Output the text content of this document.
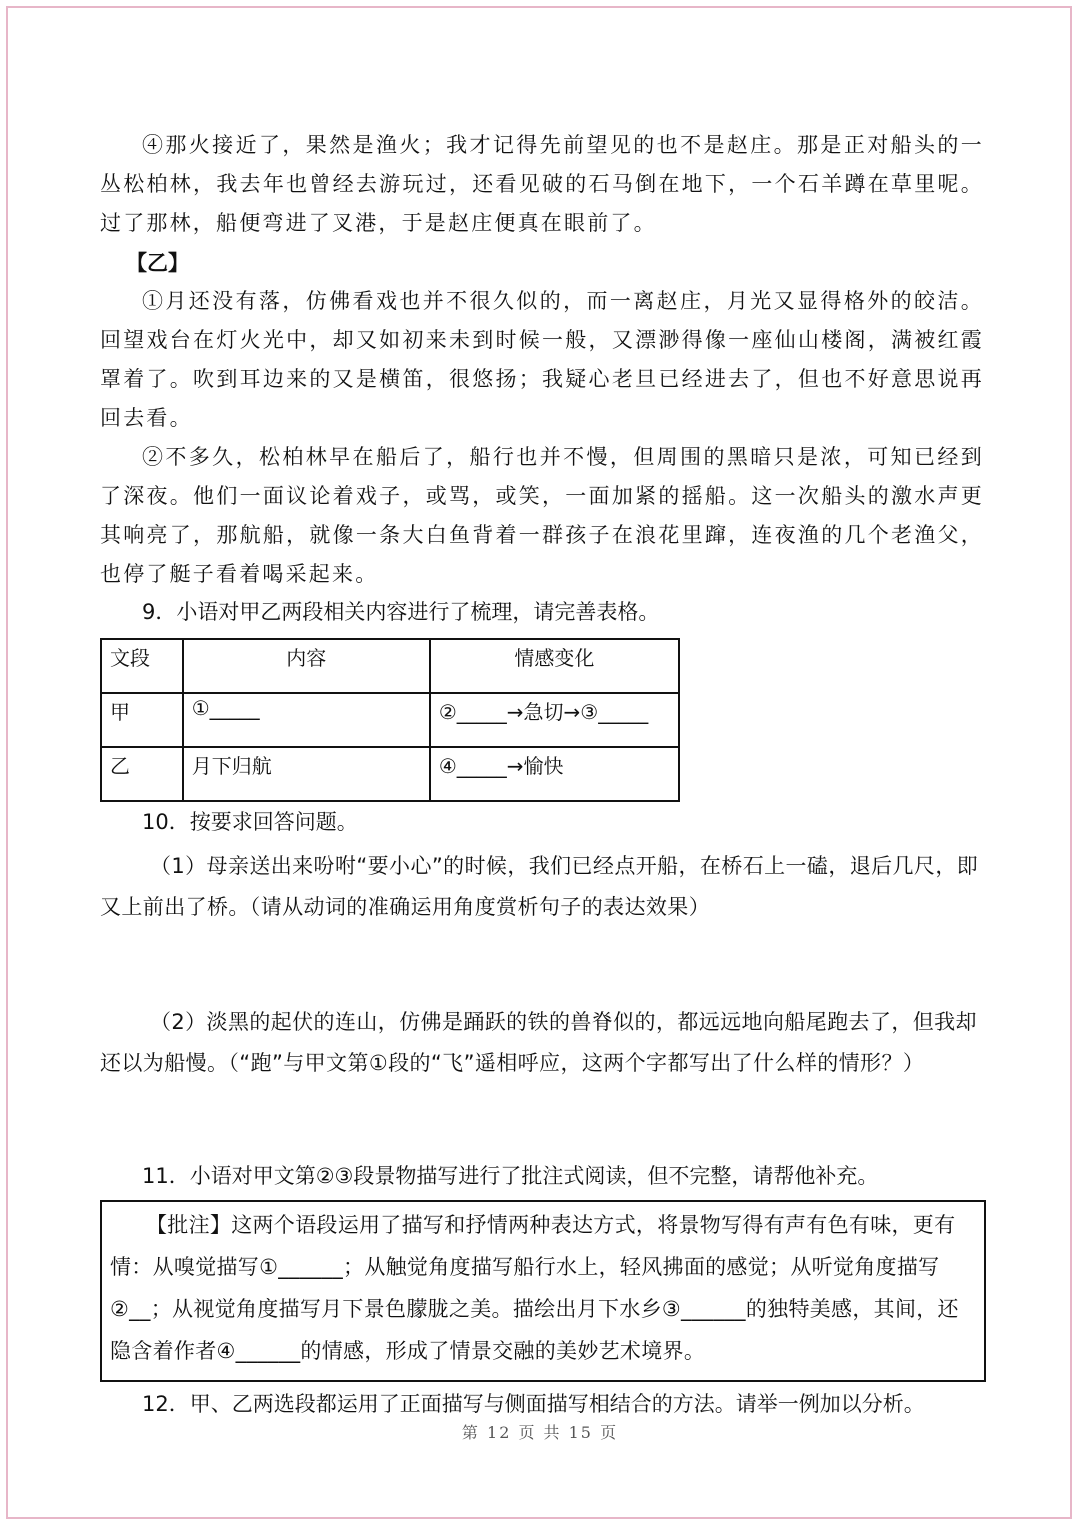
④那火接近了，果然是渔火；我才记得先前望见的也不是赵庄。那是正对船头的一丛松柏林，我去年也曾经去游玩过，还看见破的石马倒在地下，一个石羊蹲在草里呢。过了那林，船便弯进了叉港，于是赵庄便真在眼前了。

【乙】

①月还没有落，仿佛看戏也并不很久似的，而一离赵庄，月光又显得格外的皎洁。回望戏台在灯火光中，却又如初来未到时候一般，又漂渺得像一座仙山楼阁，满被红霞罩着了。吹到耳边来的又是横笛，很悠扬；我疑心老旦已经进去了，但也不好意思说再回去看。

②不多久，松柏林早在船后了，船行也并不慢，但周围的黑暗只是浓，可知已经到了深夜。他们一面议论着戏子，或骂，或笑，一面加紧的摇船。这一次船头的激水声更其响亮了，那航船，就像一条大白鱼背着一群孩子在浪花里蹿，连夜渔的几个老渔父，也停了艇子看着喝采起来。

9．小语对甲乙两段相关内容进行了梳理，请完善表格。

文段	内容	情感变化
甲	①_____	②_____→急切→③_____
乙	月下归航	④_____→愉快

10．按要求回答问题。

（1）母亲送出来吩咐“要小心”的时候，我们已经点开船，在桥石上一磕，退后几尺，即又上前出了桥。（请从动词的准确运用角度赏析句子的表达效果）

（2）淡黑的起伏的连山，仿佛是踊跃的铁的兽脊似的，都远远地向船尾跑去了，但我却还以为船慢。（“跑”与甲文第①段的“飞”遥相呼应，这两个字都写出了什么样的情形？）

11．小语对甲文第②③段景物描写进行了批注式阅读，但不完整，请帮他补充。

【批注】这两个语段运用了描写和抒情两种表达方式，将景物写得有声有色有味，更有情：从嗅觉描写①______；从触觉角度描写船行水上，轻风拂面的感觉；从听觉角度描写②__；从视觉角度描写月下景色朦胧之美。描绘出月下水乡③______的独特美感，其间，还隐含着作者④______的情感，形成了情景交融的美妙艺术境界。

12．甲、乙两选段都运用了正面描写与侧面描写相结合的方法。请举一例加以分析。

第 12 页 共 15 页
